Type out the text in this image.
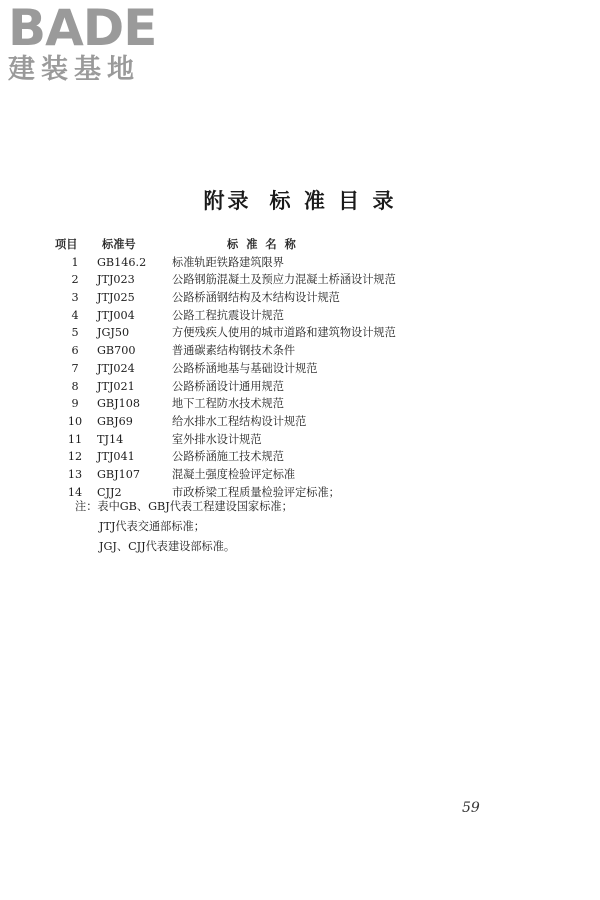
BADE
建装基地
附录 标 准 目 录
项目	标准号	标准名称
1	GB146.2	标准轨距铁路建筑限界
2	JTJ023	公路钢筋混凝土及预应力混凝土桥涵设计规范
3	JTJ025	公路桥涵钢结构及木结构设计规范
4	JTJ004	公路工程抗震设计规范
5	JGJ50	方便残疾人使用的城市道路和建筑物设计规范
6	GB700	普通碳素结构钢技术条件
7	JTJ024	公路桥涵地基与基础设计规范
8	JTJ021	公路桥涵设计通用规范
9	GBJ108	地下工程防水技术规范
10	GBJ69	给水排水工程结构设计规范
11	TJ14	室外排水设计规范
12	JTJ041	公路桥涵施工技术规范
13	GBJ107	混凝土强度检验评定标准
14	CJJ2	市政桥梁工程质量检验评定标准；
注：表中GB、GBJ代表工程建设国家标准；
JTJ代表交通部标准；
JGJ、CJJ代表建设部标准。
59
